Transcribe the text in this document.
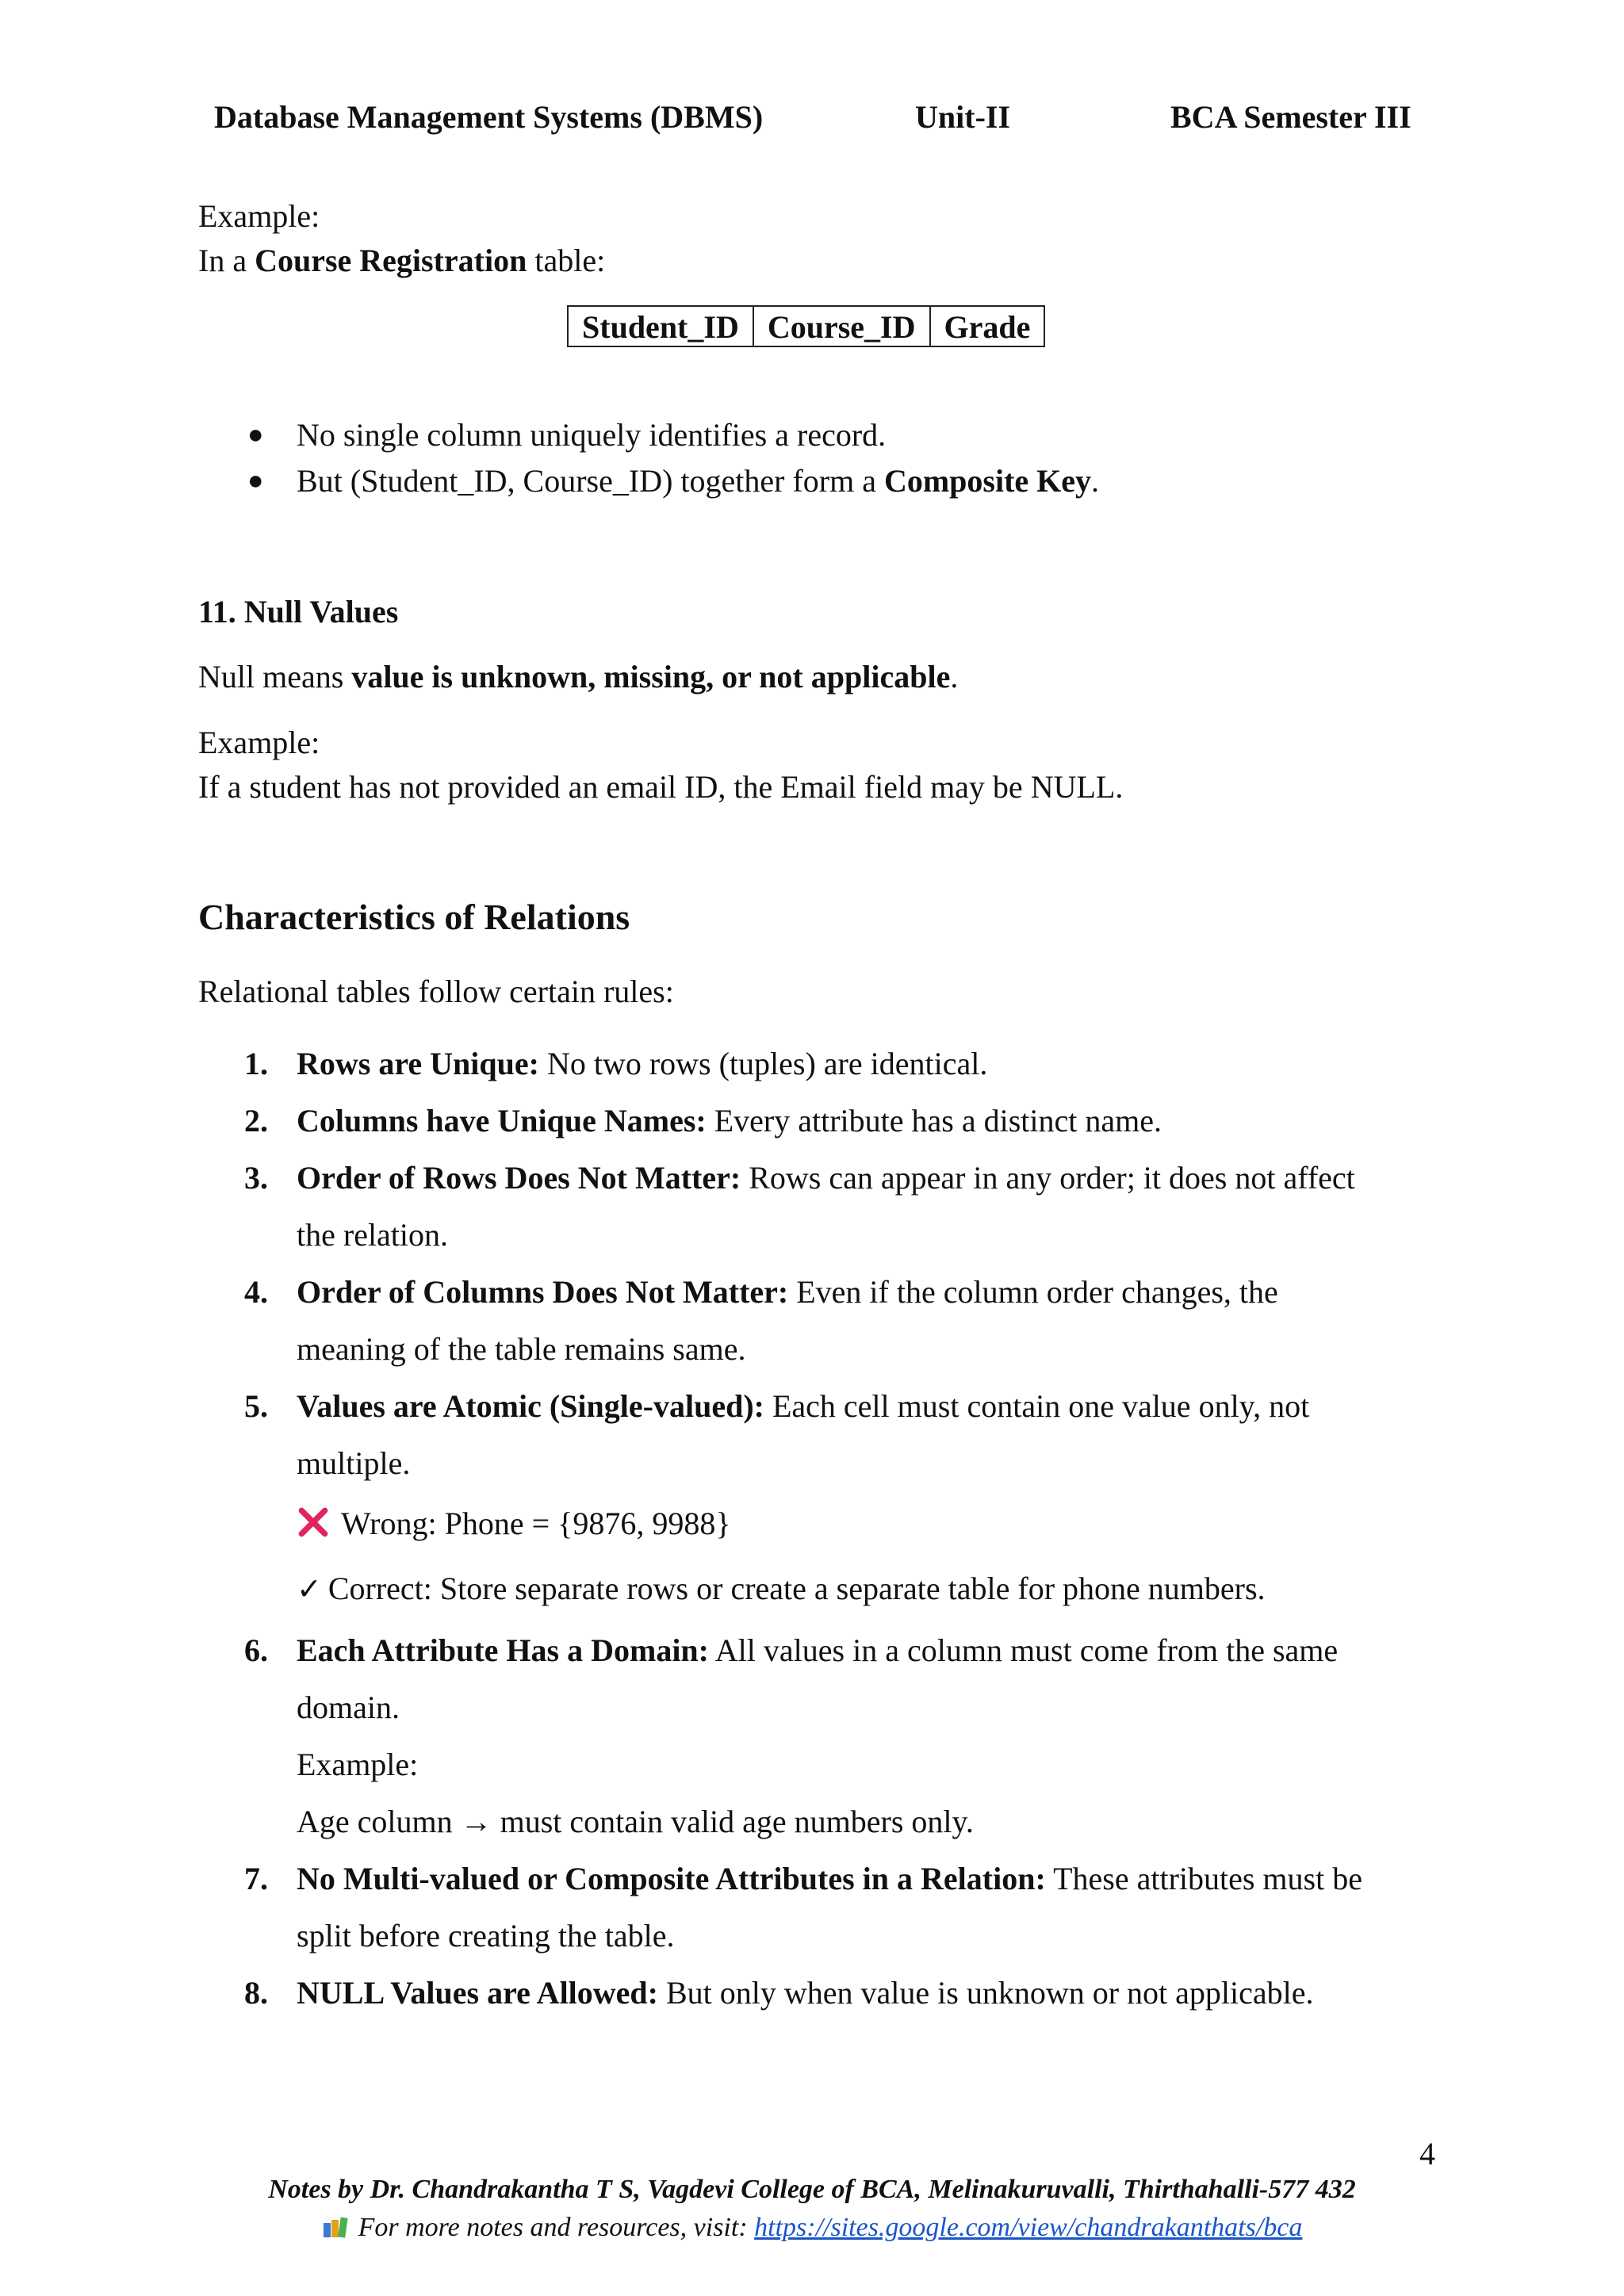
Database Management Systems (DBMS)	Unit-II	BCA Semester III
Example:
In a Course Registration table:
Student_ID	Course_ID	Grade
● No single column uniquely identifies a record.
● But (Student_ID, Course_ID) together form a Composite Key.
11. Null Values
Null means value is unknown, missing, or not applicable.
Example:
If a student has not provided an email ID, the Email field may be NULL.
Characteristics of Relations
Relational tables follow certain rules:
1. Rows are Unique: No two rows (tuples) are identical.
2. Columns have Unique Names: Every attribute has a distinct name.
3. Order of Rows Does Not Matter: Rows can appear in any order; it does not affect
the relation.
4. Order of Columns Does Not Matter: Even if the column order changes, the
meaning of the table remains same.
5. Values are Atomic (Single-valued): Each cell must contain one value only, not
multiple.
Wrong: Phone = {9876, 9988}
✓ Correct: Store separate rows or create a separate table for phone numbers.
6. Each Attribute Has a Domain: All values in a column must come from the same
domain.
Example:
Age column → must contain valid age numbers only.
7. No Multi-valued or Composite Attributes in a Relation: These attributes must be
split before creating the table.
8. NULL Values are Allowed: But only when value is unknown or not applicable.
4
Notes by Dr. Chandrakantha T S, Vagdevi College of BCA, Melinakuruvalli, Thirthahalli-577 432
For more notes and resources, visit: https://sites.google.com/view/chandrakanthats/bca
